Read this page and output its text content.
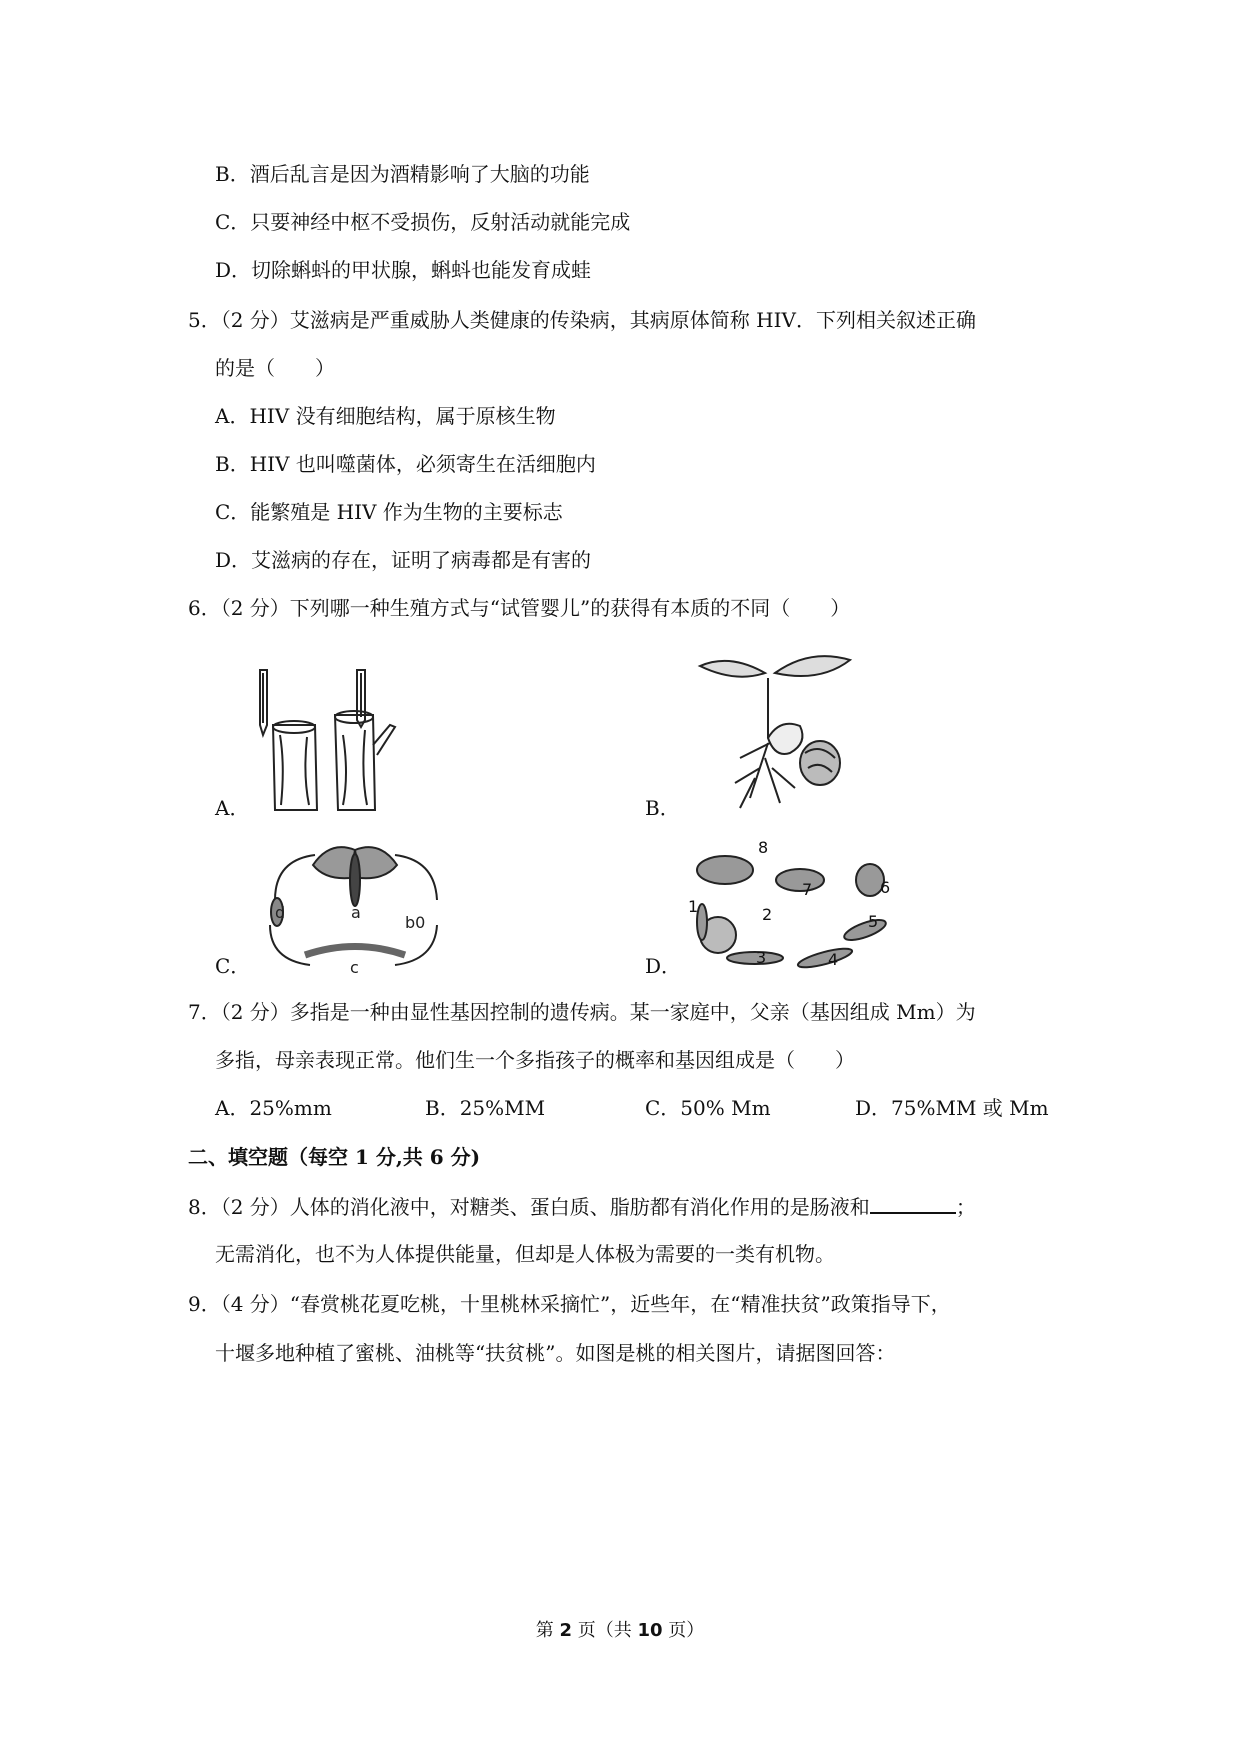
B．酒后乱言是因为酒精影响了大脑的功能
C．只要神经中枢不受损伤，反射活动就能完成
D．切除蝌蚪的甲状腺，蝌蚪也能发育成蛙
5．（2 分）艾滋病是严重威胁人类健康的传染病，其病原体简称 HIV．下列相关叙述正确
的是（　　）
A．HIV 没有细胞结构，属于原核生物
B．HIV 也叫噬菌体，必须寄生在活细胞内
C．能繁殖是 HIV 作为生物的主要标志
D．艾滋病的存在，证明了病毒都是有害的
6．（2 分）下列哪一种生殖方式与“试管婴儿”的获得有本质的不同（　　）
A．	B．
C．
a
b0
c
d
D．
1	2
3	4
5
6
7
8
7．（2 分）多指是一种由显性基因控制的遗传病。某一家庭中，父亲（基因组成 Mm）为
多指，母亲表现正常。他们生一个多指孩子的概率和基因组成是（　　）
A．25%mm	B．25%MM	C．50% Mm	D．75%MM 或 Mm
二、填空题（每空 1 分,共 6 分)
8．（2 分）人体的消化液中，对糖类、蛋白质、脂肪都有消化作用的是肠液和	；
无需消化，也不为人体提供能量，但却是人体极为需要的一类有机物。
9．（4 分）“春赏桃花夏吃桃，十里桃林采摘忙”，近些年，在“精准扶贫”政策指导下，
十堰多地种植了蜜桃、油桃等“扶贫桃”。如图是桃的相关图片，请据图回答：
第 2 页（共 10 页）
